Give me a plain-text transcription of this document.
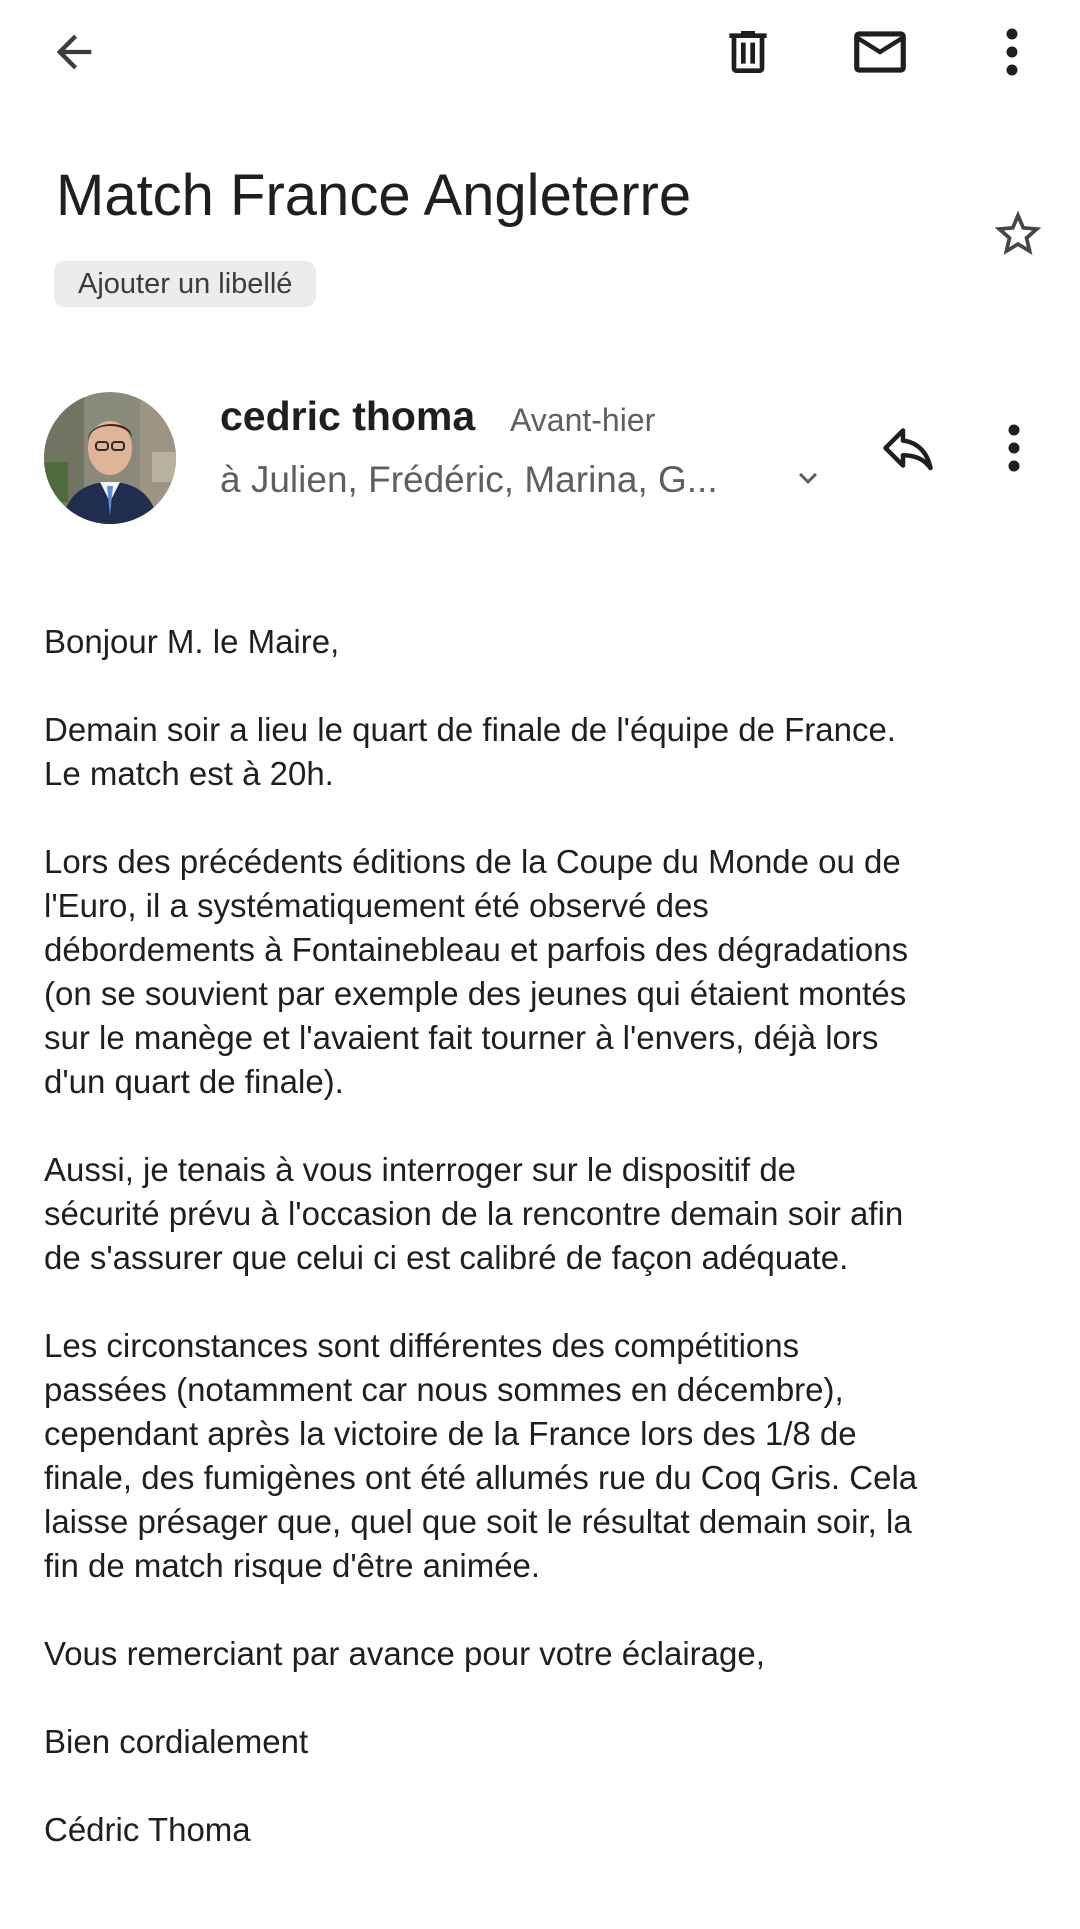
Match France Angleterre
Ajouter un libellé
cedric thoma Avant-hier
à Julien, Frédéric, Marina, G...

Bonjour M. le Maire,

Demain soir a lieu le quart de finale de l'équipe de France.
Le match est à 20h.

Lors des précédents éditions de la Coupe du Monde ou de
l'Euro, il a systématiquement été observé des
débordements à Fontainebleau et parfois des dégradations
(on se souvient par exemple des jeunes qui étaient montés
sur le manège et l'avaient fait tourner à l'envers, déjà lors
d'un quart de finale).

Aussi, je tenais à vous interroger sur le dispositif de
sécurité prévu à l'occasion de la rencontre demain soir afin
de s'assurer que celui ci est calibré de façon adéquate.

Les circonstances sont différentes des compétitions
passées (notamment car nous sommes en décembre),
cependant après la victoire de la France lors des 1/8 de
finale, des fumigènes ont été allumés rue du Coq Gris. Cela
laisse présager que, quel que soit le résultat demain soir, la
fin de match risque d'être animée.

Vous remerciant par avance pour votre éclairage,

Bien cordialement

Cédric Thoma
